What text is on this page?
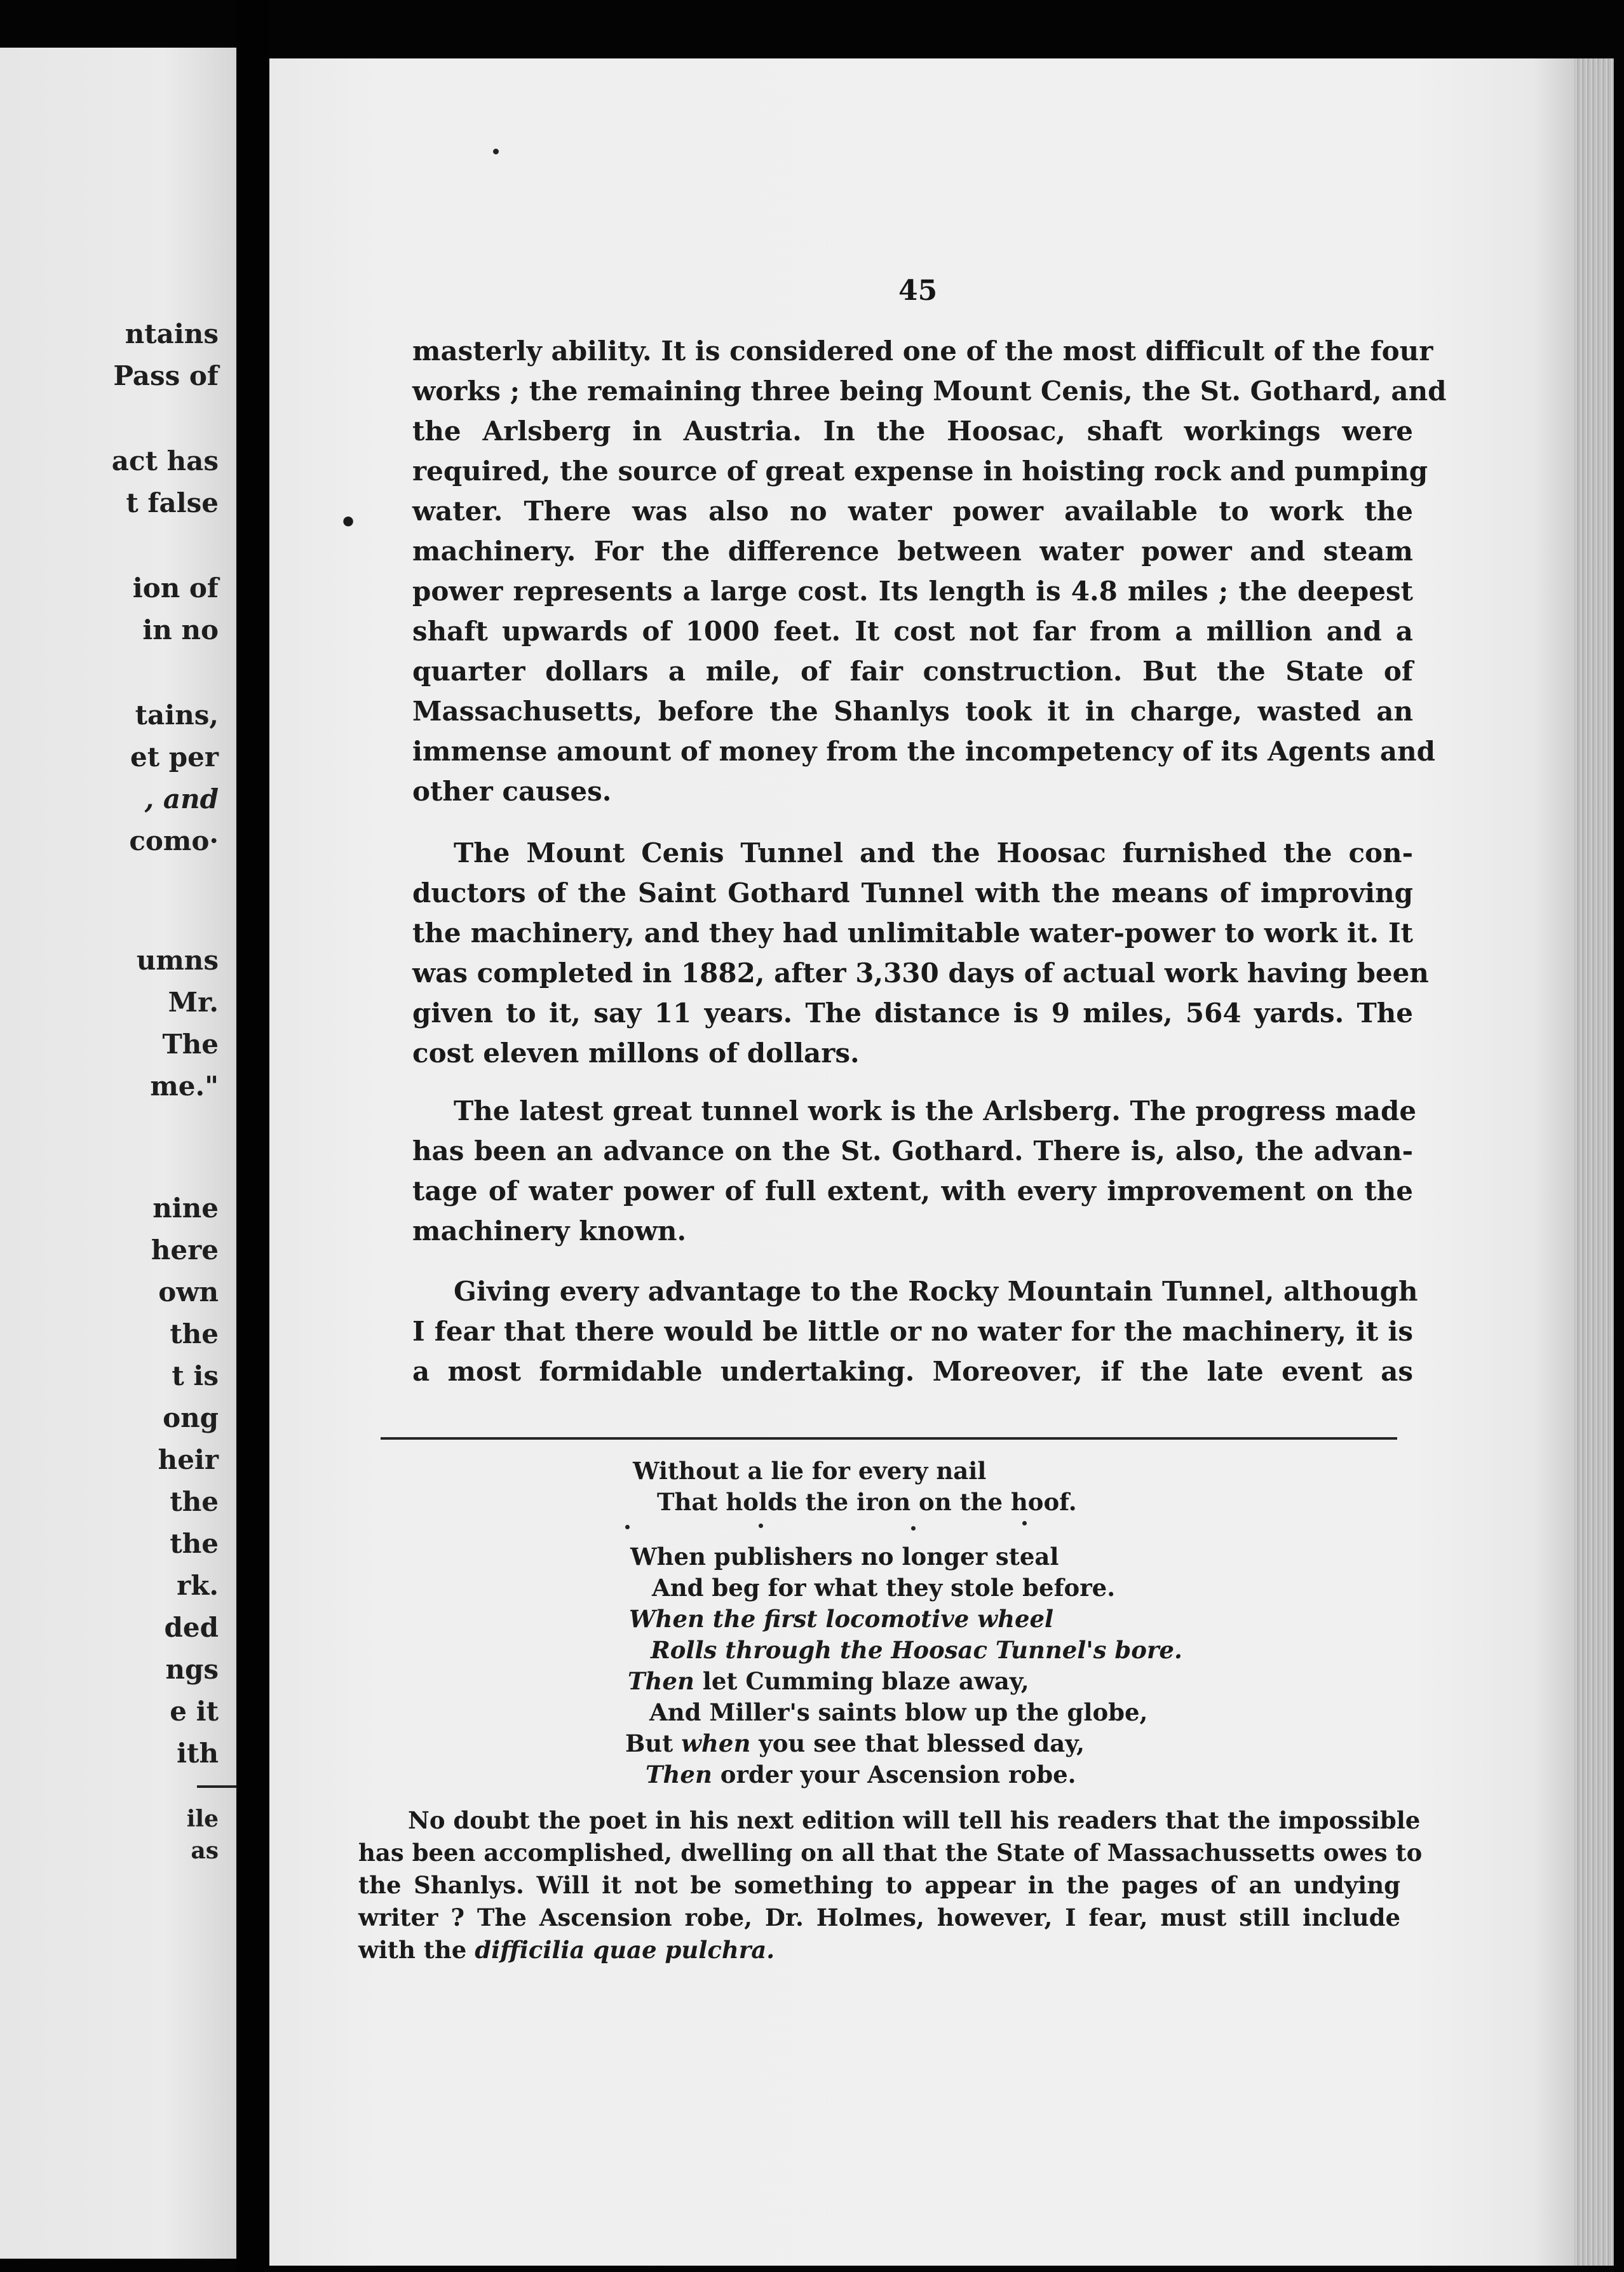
ntains
Pass of
act has
t false
ion of
in no
tains,
et per
, and
como·
umns
Mr.
The
me."
nine
here
own
the
t is
ong
heir
the
the
rk.
ded
ngs
e it
ith
ile
as
•
45
masterly ability. It is considered one of the most difficult of the four
works ; the remaining three being Mount Cenis, the St. Gothard, and
the Arlsberg in Austria. In the Hoosac, shaft workings were
required, the source of great expense in hoisting rock and pumping
water. There was also no water power available to work the
machinery. For the difference between water power and steam
power represents a large cost. Its length is 4.8 miles ; the deepest
shaft upwards of 1000 feet. It cost not far from a million and a
quarter dollars a mile, of fair construction. But the State of
Massachusetts, before the Shanlys took it in charge, wasted an
immense amount of money from the incompetency of its Agents and
other causes.
The Mount Cenis Tunnel and the Hoosac furnished the con-
ductors of the Saint Gothard Tunnel with the means of improving
the machinery, and they had unlimitable water-power to work it. It
was completed in 1882, after 3,330 days of actual work having been
given to it, say 11 years. The distance is 9 miles, 564 yards. The
cost eleven millons of dollars.
The latest great tunnel work is the Arlsberg. The progress made
has been an advance on the St. Gothard. There is, also, the advan-
tage of water power of full extent, with every improvement on the
machinery known.
Giving every advantage to the Rocky Mountain Tunnel, although
I fear that there would be little or no water for the machinery, it is
a most formidable undertaking. Moreover, if the late event as
Without a lie for every nail
That holds the iron on the hoof.
When publishers no longer steal
And beg for what they stole before.
When the first locomotive wheel
Rolls through the Hoosac Tunnel's bore.
Then let Cumming blaze away,
And Miller's saints blow up the globe,
But when you see that blessed day,
Then order your Ascension robe.
No doubt the poet in his next edition will tell his readers that the impossible
has been accomplished, dwelling on all that the State of Massachussetts owes to
the Shanlys. Will it not be something to appear in the pages of an undying
writer ? The Ascension robe, Dr. Holmes, however, I fear, must still include
with the difficilia quae pulchra.
